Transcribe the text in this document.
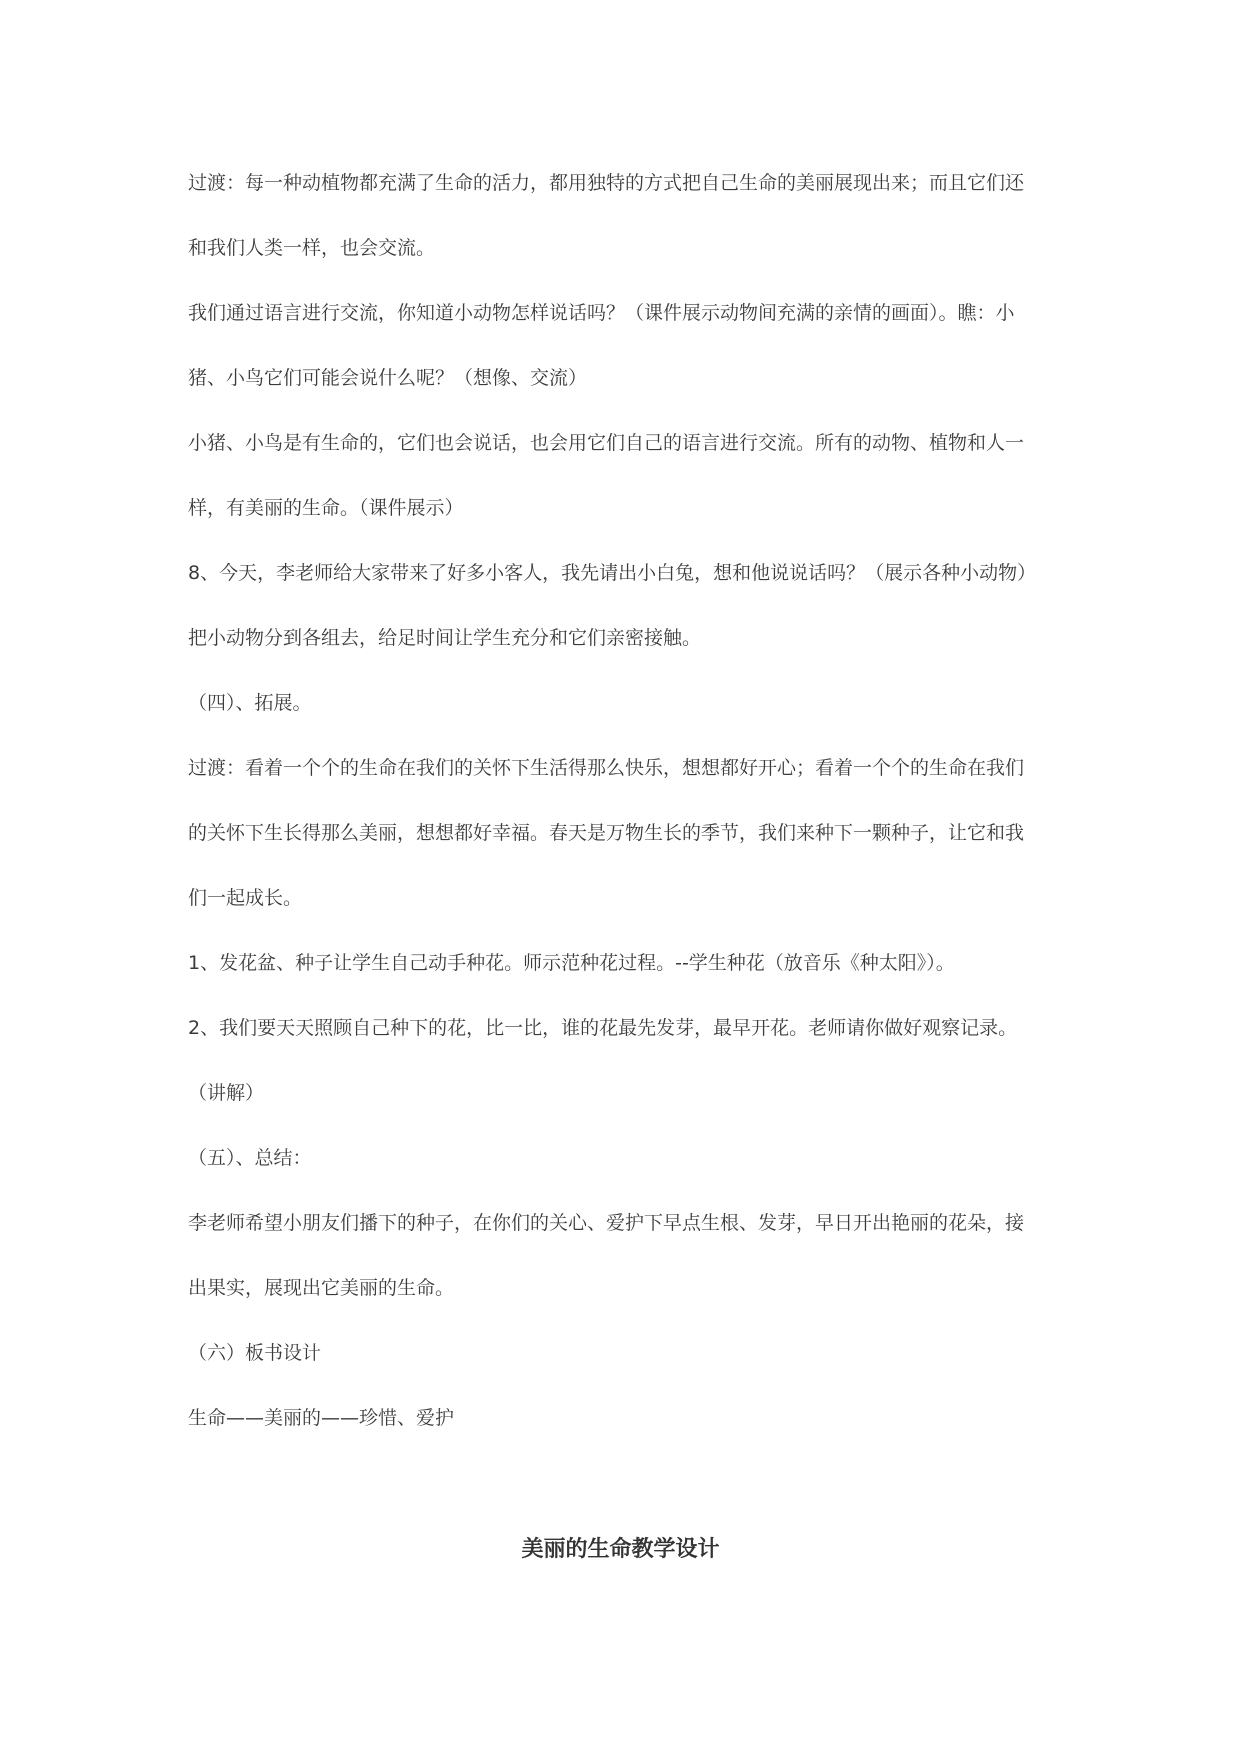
过渡：每一种动植物都充满了生命的活力，都用独特的方式把自己生命的美丽展现出来；而且它们还
和我们人类一样，也会交流。
我们通过语言进行交流，你知道小动物怎样说话吗？（课件展示动物间充满的亲情的画面）。瞧：小
猪、小鸟它们可能会说什么呢？（想像、交流）
小猪、小鸟是有生命的，它们也会说话，也会用它们自己的语言进行交流。所有的动物、植物和人一
样，有美丽的生命。（课件展示）
8、今天，李老师给大家带来了好多小客人，我先请出小白兔，想和他说说话吗？（展示各种小动物）
把小动物分到各组去，给足时间让学生充分和它们亲密接触。
（四）、拓展。
过渡：看着一个个的生命在我们的关怀下生活得那么快乐，想想都好开心；看着一个个的生命在我们
的关怀下生长得那么美丽，想想都好幸福。春天是万物生长的季节，我们来种下一颗种子，让它和我
们一起成长。
1、发花盆、种子让学生自己动手种花。师示范种花过程。--学生种花（放音乐《种太阳》）。
2、我们要天天照顾自己种下的花，比一比，谁的花最先发芽，最早开花。老师请你做好观察记录。
（讲解）
（五）、总结：
李老师希望小朋友们播下的种子，在你们的关心、爱护下早点生根、发芽，早日开出艳丽的花朵，接
出果实，展现出它美丽的生命。
（六）板书设计
生命——美丽的——珍惜、爱护
美丽的生命教学设计
